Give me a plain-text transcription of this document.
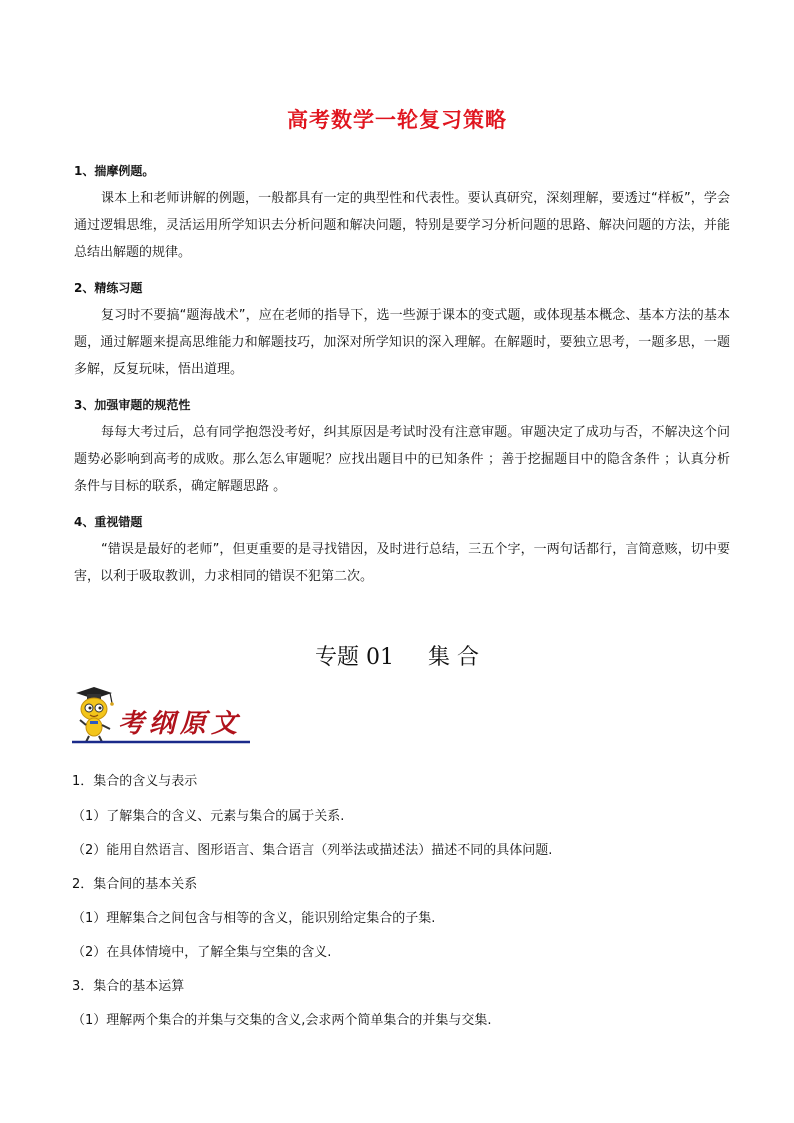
高考数学一轮复习策略
1、揣摩例题。
课本上和老师讲解的例题，一般都具有一定的典型性和代表性。要认真研究，深刻理解，要透过“样板”，学会通过逻辑思维，灵活运用所学知识去分析问题和解决问题，特别是要学习分析问题的思路、解决问题的方法，并能总结出解题的规律。
2、精练习题
复习时不要搞“题海战术”，应在老师的指导下，选一些源于课本的变式题，或体现基本概念、基本方法的基本题，通过解题来提高思维能力和解题技巧，加深对所学知识的深入理解。在解题时，要独立思考，一题多思，一题多解，反复玩味，悟出道理。
3、加强审题的规范性
每每大考过后，总有同学抱怨没考好，纠其原因是考试时没有注意审题。审题决定了成功与否，不解决这个问题势必影响到高考的成败。那么怎么审题呢？应找出题目中的已知条件 ；善于挖掘题目中的隐含条件 ；认真分析条件与目标的联系，确定解题思路 。
4、重视错题
“错误是最好的老师”，但更重要的是寻找错因，及时进行总结，三五个字，一两句话都行，言简意赅，切中要害，以利于吸取教训，力求相同的错误不犯第二次。
专题 01 集 合
考纲原文
1．集合的含义与表示
（1）了解集合的含义、元素与集合的属于关系.
（2）能用自然语言、图形语言、集合语言（列举法或描述法）描述不同的具体问题.
2．集合间的基本关系
（1）理解集合之间包含与相等的含义，能识别给定集合的子集.
（2）在具体情境中，了解全集与空集的含义.
3．集合的基本运算
（1）理解两个集合的并集与交集的含义,会求两个简单集合的并集与交集.
